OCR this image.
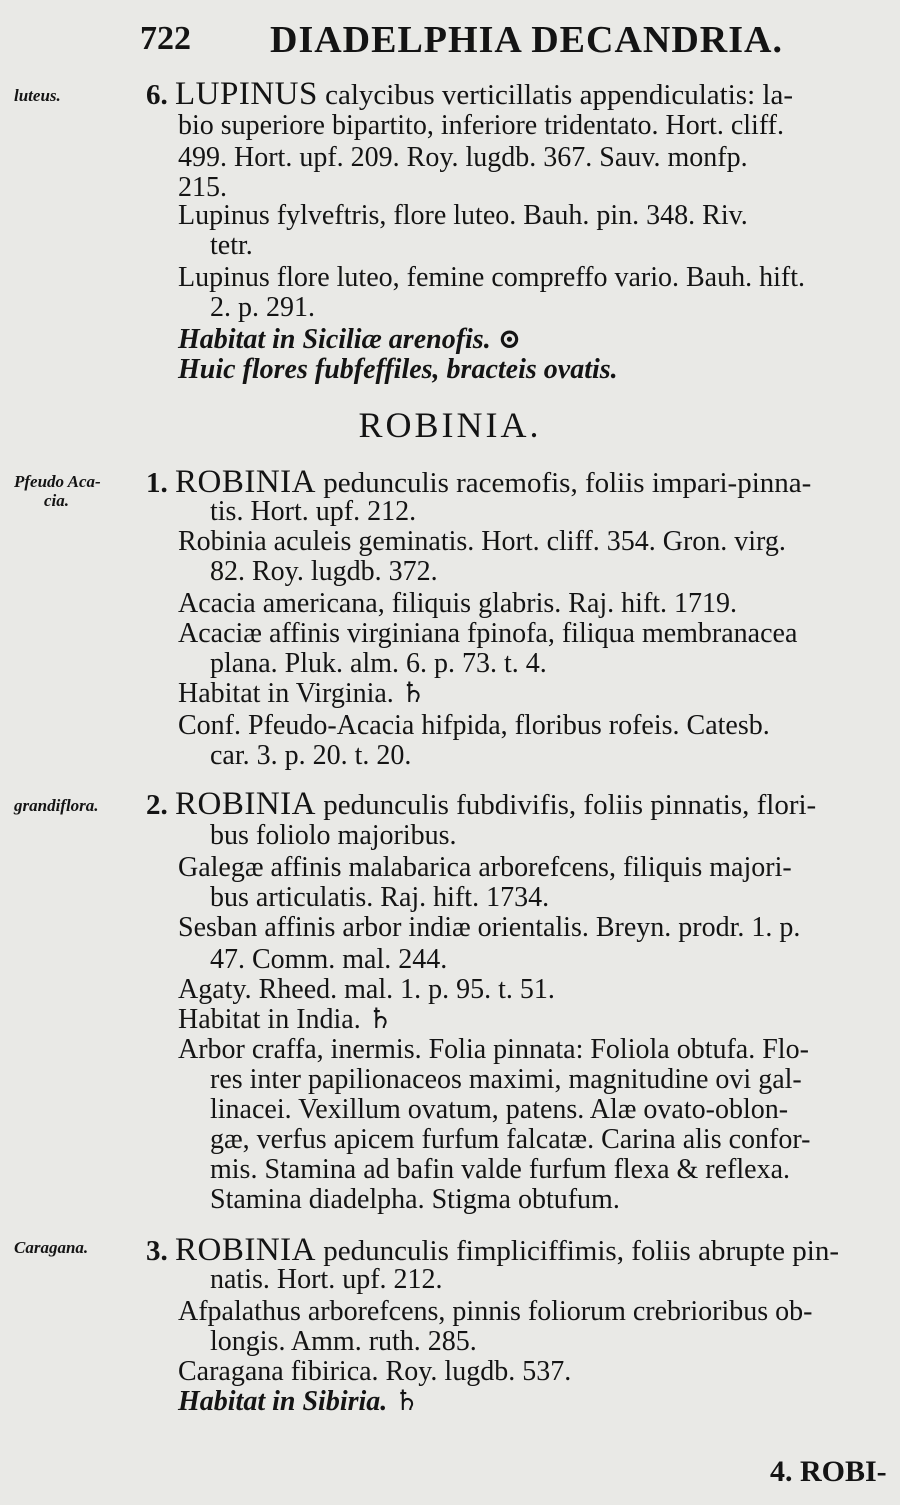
722 DIADELPHIA DECANDRIA.
luteus.	6. LUPINUS calycibus verticillatis appendiculatis: la-
bio superiore bipartito, inferiore tridentato. Hort. cliff.
499. Hort. upf. 209. Roy. lugdb. 367. Sauv. monfp.
215.
Lupinus fylveftris, flore luteo. Bauh. pin. 348. Riv.
tetr.
Lupinus flore luteo, femine compreffo vario. Bauh. hift.
2. p. 291.
Habitat in Siciliæ arenofis. ⊙
Huic flores fubfeffiles, bracteis ovatis.
ROBINIA.
Pfeudo Aca-
cia.
1. ROBINIA pedunculis racemofis, foliis impari-pinna-
tis. Hort. upf. 212.
Robinia aculeis geminatis. Hort. cliff. 354. Gron. virg.
82. Roy. lugdb. 372.
Acacia americana, filiquis glabris. Raj. hift. 1719.
Acaciæ affinis virginiana fpinofa, filiqua membranacea
plana. Pluk. alm. 6. p. 73. t. 4.
Habitat in Virginia. ♄
Conf. Pfeudo-Acacia hifpida, floribus rofeis. Catesb.
car. 3. p. 20. t. 20.
grandiflora. 2. ROBINIA pedunculis fubdivifis, foliis pinnatis, flori-
bus foliolo majoribus.
Galegæ affinis malabarica arborefcens, filiquis majori-
bus articulatis. Raj. hift. 1734.
Sesban affinis arbor indiæ orientalis. Breyn. prodr. 1. p.
47. Comm. mal. 244.
Agaty. Rheed. mal. 1. p. 95. t. 51.
Habitat in India. ♄
Arbor craffa, inermis. Folia pinnata: Foliola obtufa. Flo-
res inter papilionaceos maximi, magnitudine ovi gal-
linacei. Vexillum ovatum, patens. Alæ ovato-oblon-
gæ, verfus apicem furfum falcatæ. Carina alis confor-
mis. Stamina ad bafin valde furfum flexa & reflexa.
Stamina diadelpha. Stigma obtufum.
Caragana. 3. ROBINIA pedunculis fimpliciffimis, foliis abrupte pin-
natis. Hort. upf. 212.
Afpalathus arborefcens, pinnis foliorum crebrioribus ob-
longis. Amm. ruth. 285.
Caragana fibirica. Roy. lugdb. 537.
Habitat in Sibiria. ♄
4. ROBI-
